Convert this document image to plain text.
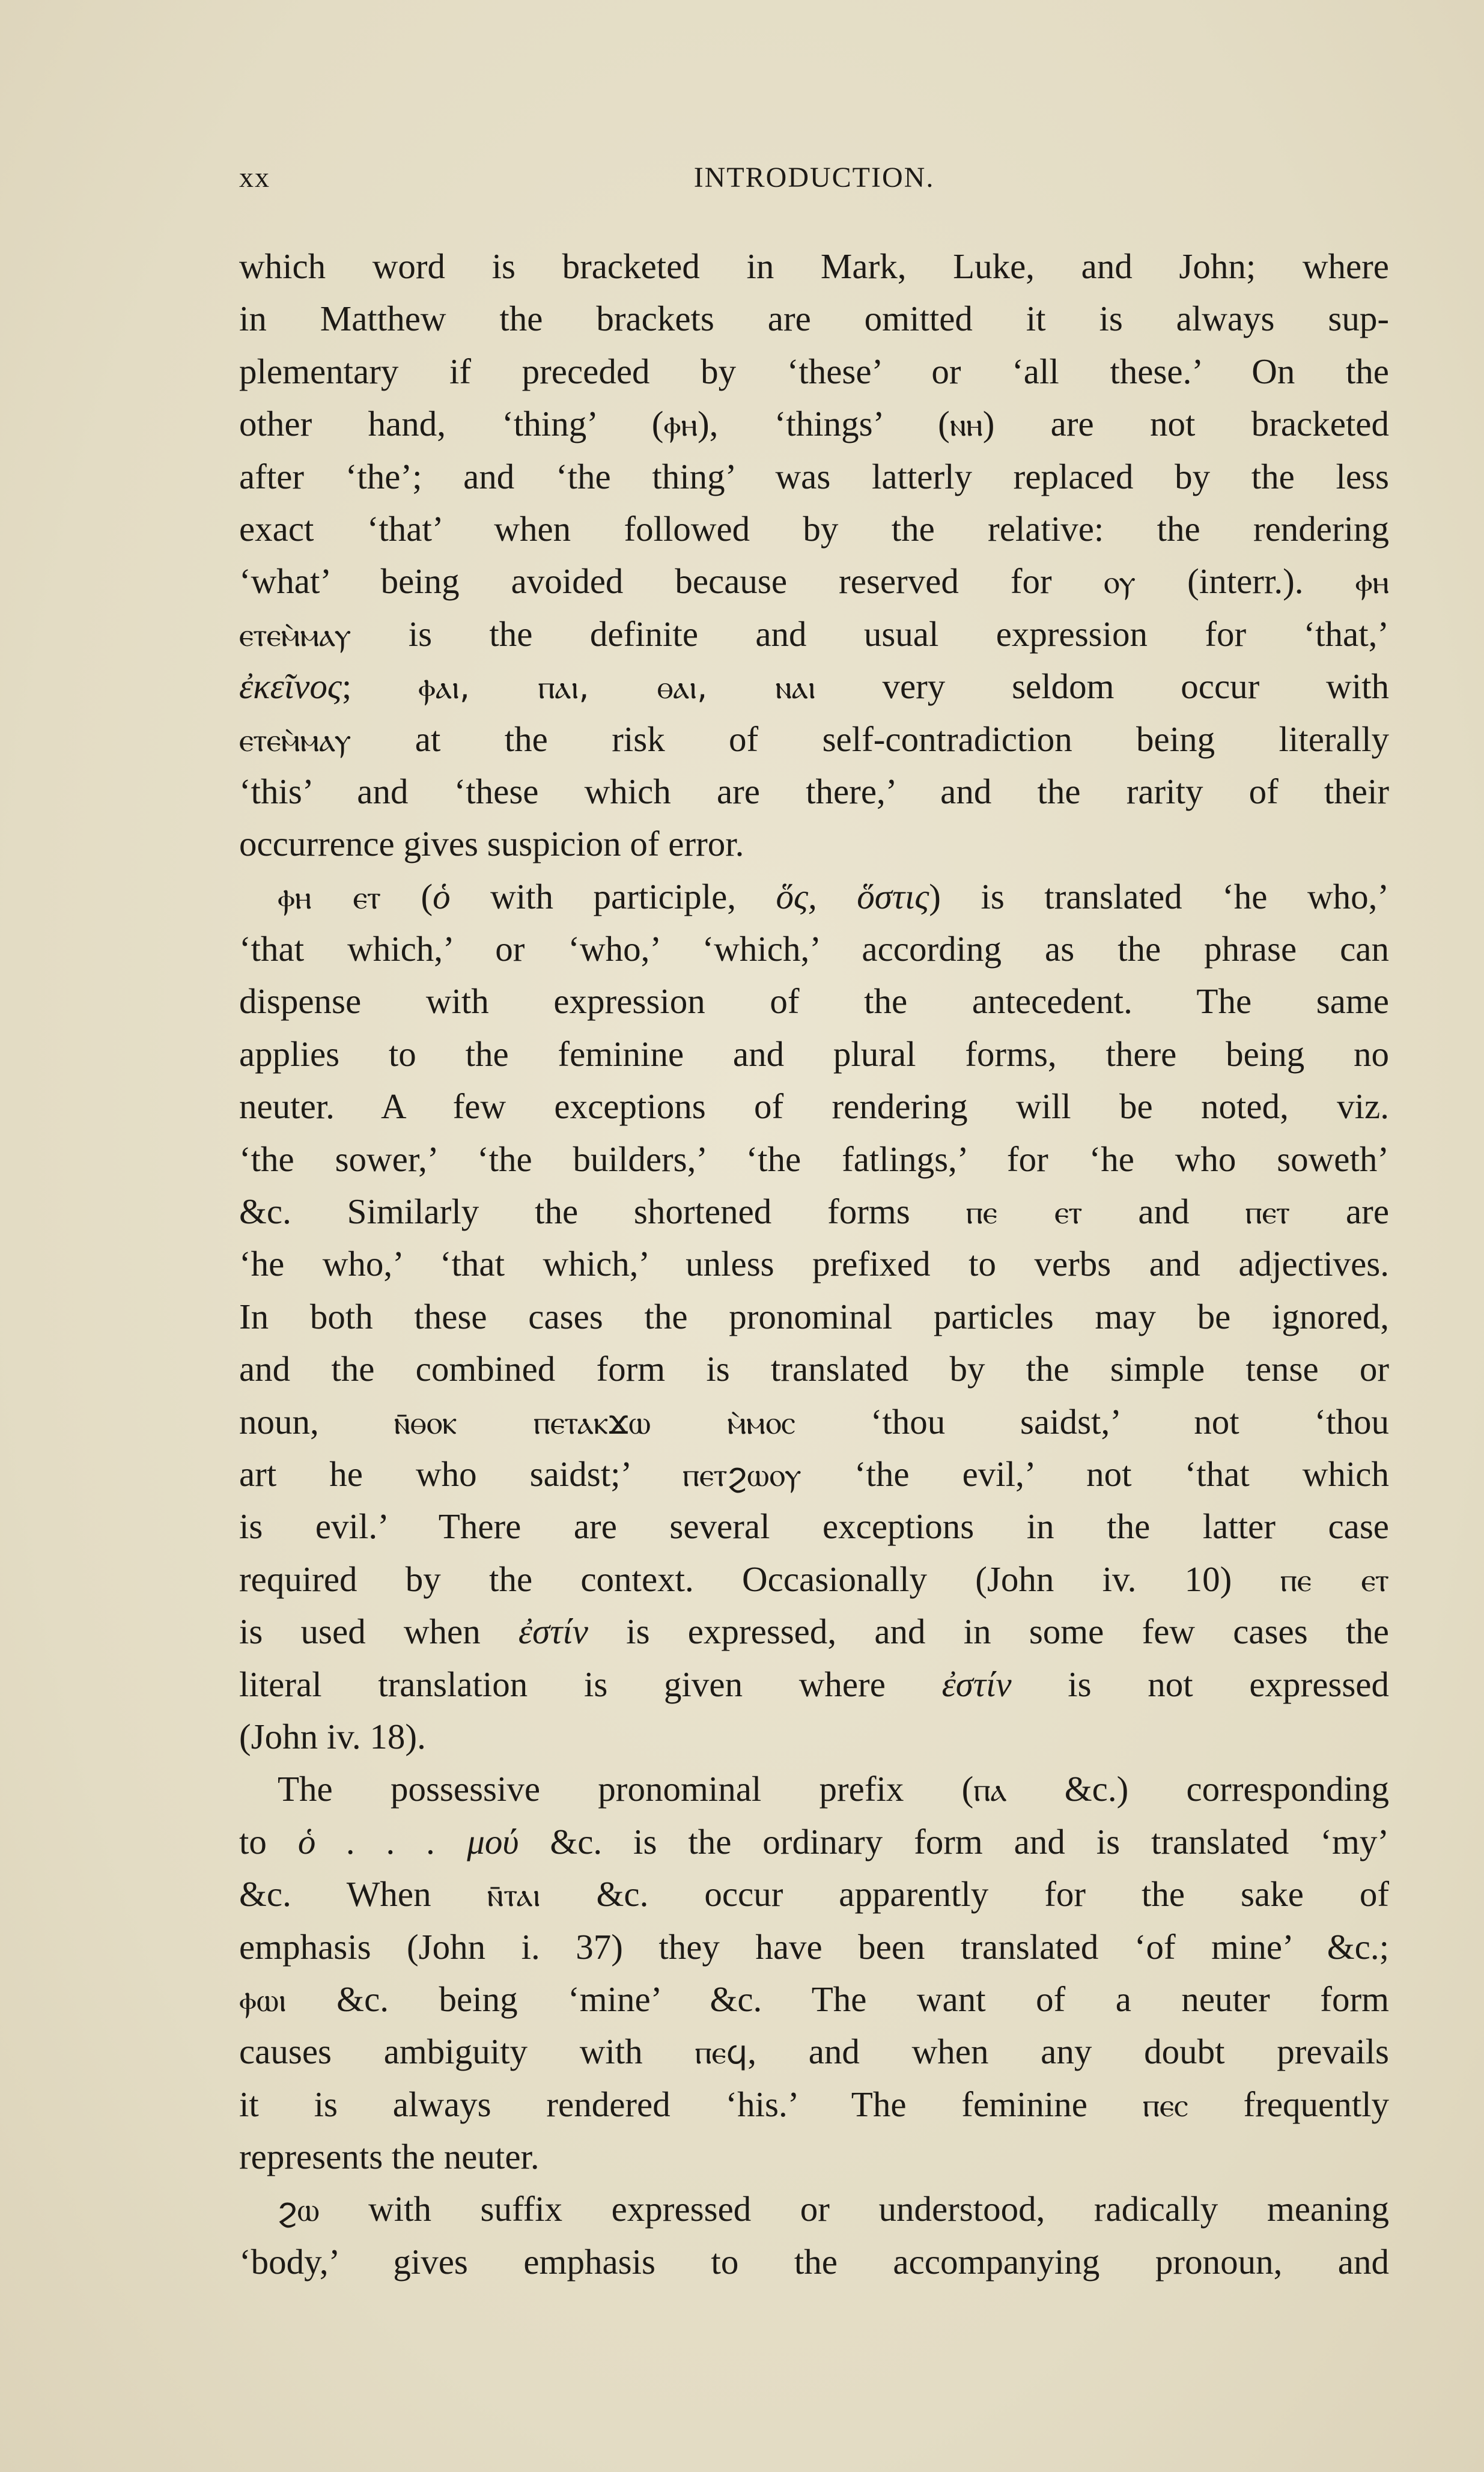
xx	INTRODUCTION.
which word is bracketed in Mark, Luke, and John; where
in Matthew the brackets are omitted it is always sup-
plementary if preceded by ‘these’ or ‘all these.’ On the
other hand, ‘thing’ (ⲫⲏ), ‘things’ (ⲛⲏ) are not bracketed
after ‘the’; and ‘the thing’ was latterly replaced by the less
exact ‘that’ when followed by the relative: the rendering
‘what’ being avoided because reserved for ⲟⲩ (interr.). ⲫⲏ
ⲉⲧⲉⲙ̀ⲙⲁⲩ is the definite and usual expression for ‘that,’
ἐκεῖνος; ⲫⲁⲓ, ⲡⲁⲓ, ⲑⲁⲓ, ⲛⲁⲓ very seldom occur with
ⲉⲧⲉⲙ̀ⲙⲁⲩ at the risk of self-contradiction being literally
‘this’ and ‘these which are there,’ and the rarity of their
occurrence gives suspicion of error.
ⲫⲏ ⲉⲧ (ὁ with participle, ὅς, ὅστις) is translated ‘he who,’
‘that which,’ or ‘who,’ ‘which,’ according as the phrase can
dispense with expression of the antecedent. The same
applies to the feminine and plural forms, there being no
neuter. A few exceptions of rendering will be noted, viz.
‘the sower,’ ‘the builders,’ ‘the fatlings,’ for ‘he who soweth’
&c. Similarly the shortened forms ⲡⲉ ⲉⲧ and ⲡⲉⲧ are
‘he who,’ ‘that which,’ unless prefixed to verbs and adjectives.
In both these cases the pronominal particles may be ignored,
and the combined form is translated by the simple tense or
noun, ⲛ̄ⲑⲟⲕ ⲡⲉⲧⲁⲕϫⲱ ⲙ̀ⲙⲟⲥ ‘thou saidst,’ not ‘thou
art he who saidst;’ ⲡⲉⲧϩⲱⲟⲩ ‘the evil,’ not ‘that which
is evil.’ There are several exceptions in the latter case
required by the context. Occasionally (John iv. 10) ⲡⲉ ⲉⲧ
is used when ἐστίν is expressed, and in some few cases the
literal translation is given where ἐστίν is not expressed
(John iv. 18).
The possessive pronominal prefix (ⲡⲁ &c.) corresponding
to ὁ . . . μού &c. is the ordinary form and is translated ‘my’
&c. When ⲛ̄ⲧⲁⲓ &c. occur apparently for the sake of
emphasis (John i. 37) they have been translated ‘of mine’ &c.;
ⲫⲱⲓ &c. being ‘mine’ &c. The want of a neuter form
causes ambiguity with ⲡⲉϥ, and when any doubt prevails
it is always rendered ‘his.’ The feminine ⲡⲉⲥ frequently
represents the neuter.
ϩⲱ with suffix expressed or understood, radically meaning
‘body,’ gives emphasis to the accompanying pronoun, and
